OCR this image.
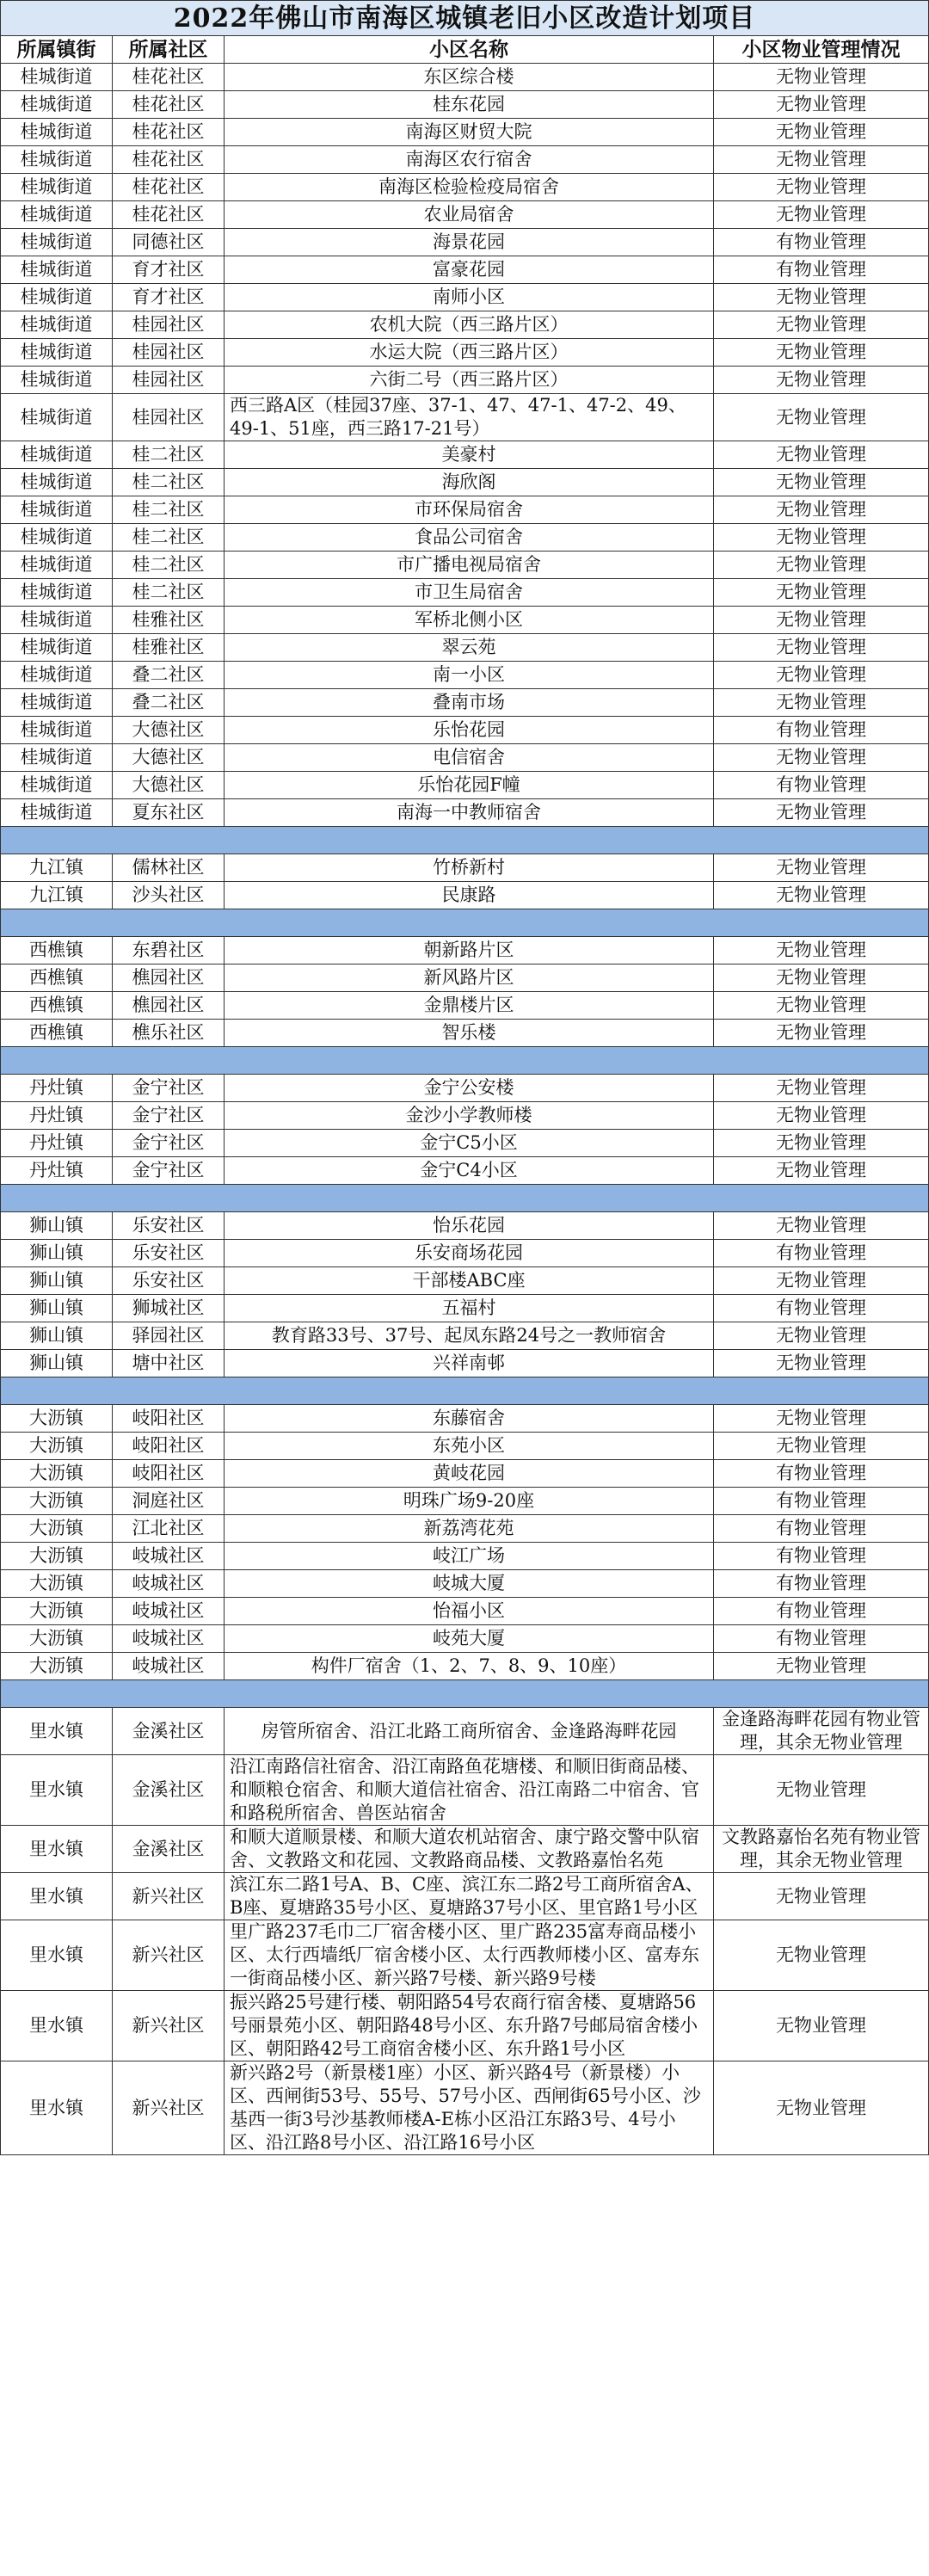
2022年佛山市南海区城镇老旧小区改造计划项目			
所属镇街	所属社区	小区名称	小区物业管理情况
桂城街道	桂花社区	东区综合楼	无物业管理
桂城街道	桂花社区	桂东花园	无物业管理
桂城街道	桂花社区	南海区财贸大院	无物业管理
桂城街道	桂花社区	南海区农行宿舍	无物业管理
桂城街道	桂花社区	南海区检验检疫局宿舍	无物业管理
桂城街道	桂花社区	农业局宿舍	无物业管理
桂城街道	同德社区	海景花园	有物业管理
桂城街道	育才社区	富豪花园	有物业管理
桂城街道	育才社区	南师小区	无物业管理
桂城街道	桂园社区	农机大院（西三路片区）	无物业管理
桂城街道	桂园社区	水运大院（西三路片区）	无物业管理
桂城街道	桂园社区	六街二号（西三路片区）	无物业管理
桂城街道	桂园社区	西三路A区（桂园37座、37-1、47、47-1、47-2、49、49-1、51座，西三路17-21号）	无物业管理
桂城街道	桂二社区	美豪村	无物业管理
桂城街道	桂二社区	海欣阁	无物业管理
桂城街道	桂二社区	市环保局宿舍	无物业管理
桂城街道	桂二社区	食品公司宿舍	无物业管理
桂城街道	桂二社区	市广播电视局宿舍	无物业管理
桂城街道	桂二社区	市卫生局宿舍	无物业管理
桂城街道	桂雅社区	军桥北侧小区	无物业管理
桂城街道	桂雅社区	翠云苑	无物业管理
桂城街道	叠二社区	南一小区	无物业管理
桂城街道	叠二社区	叠南市场	无物业管理
桂城街道	大德社区	乐怡花园	有物业管理
桂城街道	大德社区	电信宿舍	无物业管理
桂城街道	大德社区	乐怡花园F幢	有物业管理
桂城街道	夏东社区	南海一中教师宿舍	无物业管理

九江镇	儒林社区	竹桥新村	无物业管理
九江镇	沙头社区	民康路	无物业管理

西樵镇	东碧社区	朝新路片区	无物业管理
西樵镇	樵园社区	新风路片区	无物业管理
西樵镇	樵园社区	金鼎楼片区	无物业管理
西樵镇	樵乐社区	智乐楼	无物业管理

丹灶镇	金宁社区	金宁公安楼	无物业管理
丹灶镇	金宁社区	金沙小学教师楼	无物业管理
丹灶镇	金宁社区	金宁C5小区	无物业管理
丹灶镇	金宁社区	金宁C4小区	无物业管理

狮山镇	乐安社区	怡乐花园	无物业管理
狮山镇	乐安社区	乐安商场花园	有物业管理
狮山镇	乐安社区	干部楼ABC座	无物业管理
狮山镇	狮城社区	五福村	有物业管理
狮山镇	驿园社区	教育路33号、37号、起凤东路24号之一教师宿舍	无物业管理
狮山镇	塘中社区	兴祥南邨	无物业管理

大沥镇	岐阳社区	东藤宿舍	无物业管理
大沥镇	岐阳社区	东苑小区	无物业管理
大沥镇	岐阳社区	黄岐花园	有物业管理
大沥镇	洞庭社区	明珠广场9-20座	有物业管理
大沥镇	江北社区	新荔湾花苑	有物业管理
大沥镇	岐城社区	岐江广场	有物业管理
大沥镇	岐城社区	岐城大厦	有物业管理
大沥镇	岐城社区	怡福小区	有物业管理
大沥镇	岐城社区	岐苑大厦	有物业管理
大沥镇	岐城社区	构件厂宿舍（1、2、7、8、9、10座）	无物业管理

里水镇	金溪社区	房管所宿舍、沿江北路工商所宿舍、金逢路海畔花园	金逢路海畔花园有物业管理，其余无物业管理
里水镇	金溪社区	沿江南路信社宿舍、沿江南路鱼花塘楼、和顺旧街商品楼、和顺粮仓宿舍、和顺大道信社宿舍、沿江南路二中宿舍、官和路税所宿舍、兽医站宿舍	无物业管理
里水镇	金溪社区	和顺大道顺景楼、和顺大道农机站宿舍、康宁路交警中队宿舍、文教路文和花园、文教路商品楼、文教路嘉怡名苑	文教路嘉怡名苑有物业管理，其余无物业管理
里水镇	新兴社区	滨江东二路1号A、B、C座、滨江东二路2号工商所宿舍A、B座、夏塘路35号小区、夏塘路37号小区、里官路1号小区	无物业管理
里水镇	新兴社区	里广路237毛巾二厂宿舍楼小区、里广路235富寿商品楼小区、太行西墙纸厂宿舍楼小区、太行西教师楼小区、富寿东一街商品楼小区、新兴路7号楼、新兴路9号楼	无物业管理
里水镇	新兴社区	振兴路25号建行楼、朝阳路54号农商行宿舍楼、夏塘路56号丽景苑小区、朝阳路48号小区、东升路7号邮局宿舍楼小区、朝阳路42号工商宿舍楼小区、东升路1号小区	无物业管理
里水镇	新兴社区	新兴路2号（新景楼1座）小区、新兴路4号（新景楼）小区、西闸街53号、55号、57号小区、西闸街65号小区、沙基西一街3号沙基教师楼A-E栋小区沿江东路3号、4号小区、沿江路8号小区、沿江路16号小区	无物业管理
